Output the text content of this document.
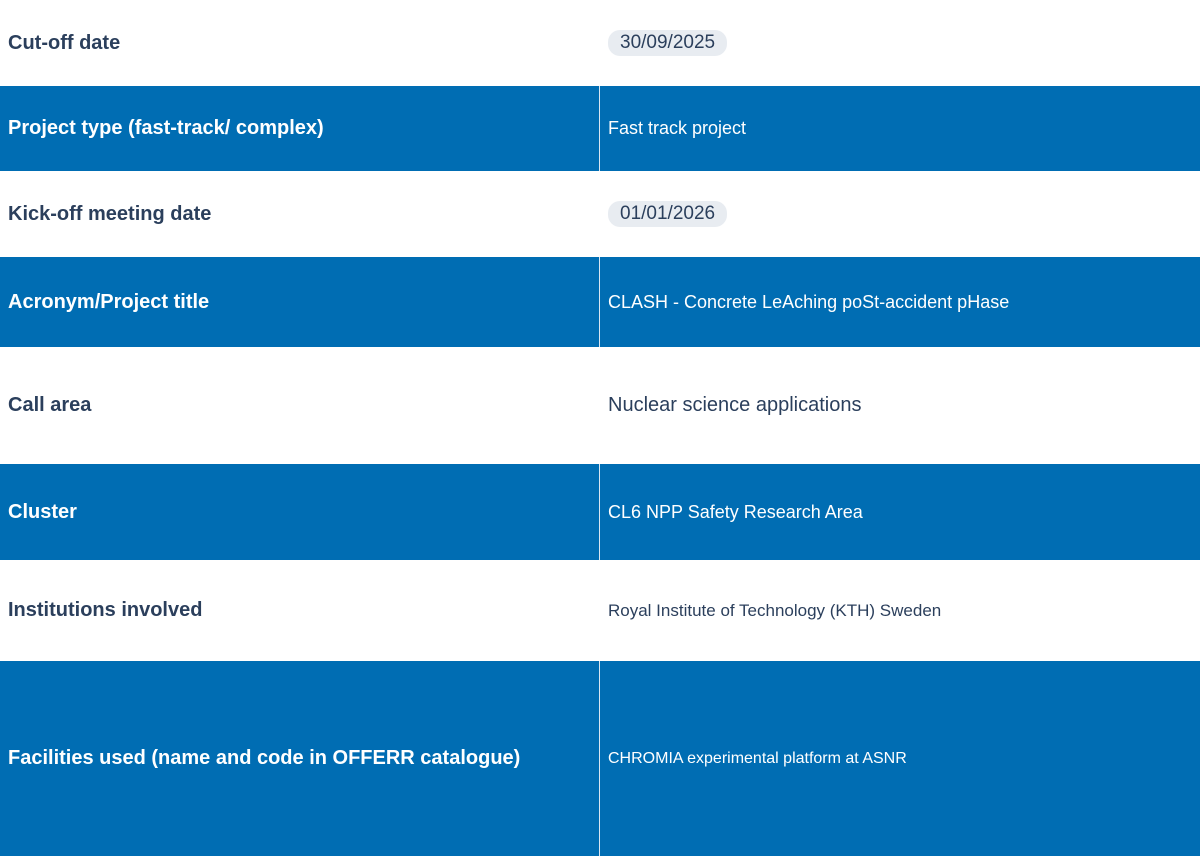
Cut-off date	30/09/2025
Project type (fast-track/ complex)	Fast track project
Kick-off meeting date	01/01/2026
Acronym/Project title	CLASH - Concrete LeAching poSt-accident pHase
Call area	Nuclear science applications
Cluster	CL6 NPP Safety Research Area
Institutions involved	Royal Institute of Technology (KTH) Sweden
Facilities used (name and code in OFFERR catalogue)	CHROMIA experimental platform at ASNR
